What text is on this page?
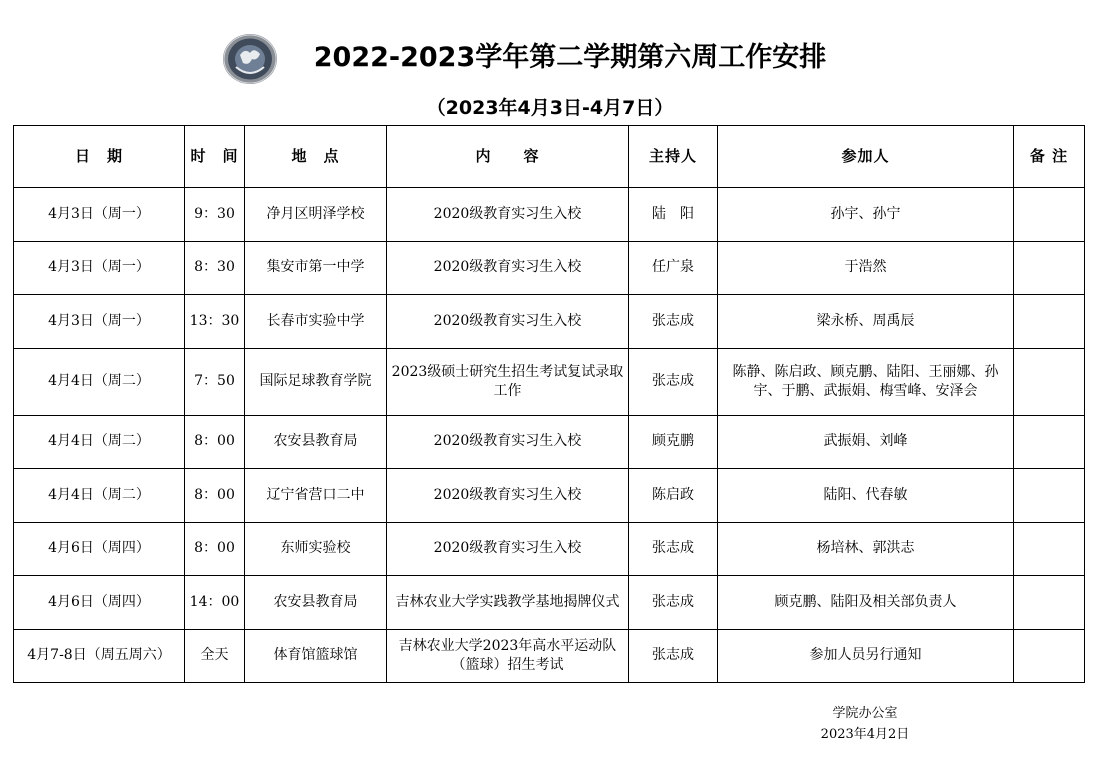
2022-2023学年第二学期第六周工作安排
（2023年4月3日-4月7日）
日　期	时　间	地　点	内　　容	主持人	参加人	备 注
4月3日（周一）	9：30	净月区明泽学校	2020级教育实习生入校	陆　阳	孙宇、孙宁	
4月3日（周一）	8：30	集安市第一中学	2020级教育实习生入校	任广泉	于浩然	
4月3日（周一）	13：30	长春市实验中学	2020级教育实习生入校	张志成	梁永桥、周禹辰	
4月4日（周二）	7：50	国际足球教育学院	2023级硕士研究生招生考试复试录取工作	张志成	陈静、陈启政、顾克鹏、陆阳、王丽娜、孙宇、于鹏、武振娟、梅雪峰、安泽会	
4月4日（周二）	8：00	农安县教育局	2020级教育实习生入校	顾克鹏	武振娟、刘峰	
4月4日（周二）	8：00	辽宁省营口二中	2020级教育实习生入校	陈启政	陆阳、代春敏	
4月6日（周四）	8：00	东师实验校	2020级教育实习生入校	张志成	杨培林、郭洪志	
4月6日（周四）	14：00	农安县教育局	吉林农业大学实践教学基地揭牌仪式	张志成	顾克鹏、陆阳及相关部负责人	
4月7-8日（周五周六）	全天	体育馆篮球馆	吉林农业大学2023年高水平运动队（篮球）招生考试	张志成	参加人员另行通知	
学院办公室
2023年4月2日
